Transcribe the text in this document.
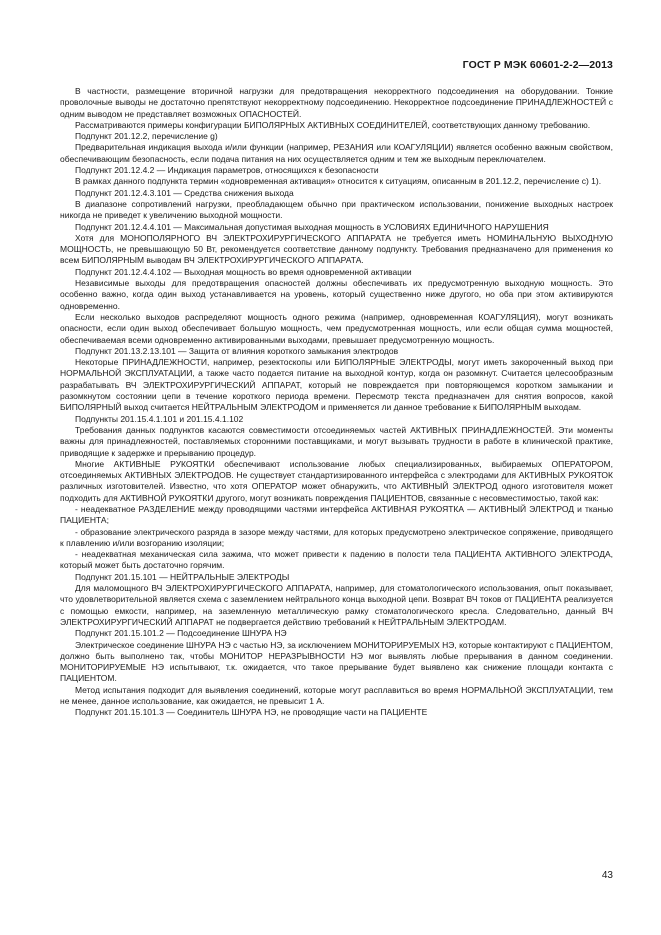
ГОСТ Р МЭК 60601-2-2—2013

В частности, размещение вторичной нагрузки для предотвращения некорректного подсоединения на оборудовании. Тонкие проволочные выводы не достаточно препятствуют некорректному подсоединению. Некорректное подсоединение ПРИНАДЛЕЖНОСТЕЙ с одним выводом не представляет возможных ОПАСНОСТЕЙ.

Рассматриваются примеры конфигурации БИПОЛЯРНЫХ АКТИВНЫХ СОЕДИНИТЕЛЕЙ, соответствующих данному требованию.

Подпункт 201.12.2, перечисление g)

Предварительная индикация выхода и/или функции (например, РЕЗАНИЯ или КОАГУЛЯЦИИ) является особенно важным свойством, обеспечивающим безопасность, если подача питания на них осуществляется одним и тем же выходным переключателем.

Подпункт 201.12.4.2 — Индикация параметров, относящихся к безопасности

В рамках данного подпункта термин «одновременная активация» относится к ситуациям, описанным в 201.12.2, перечисление с) 1).

Подпункт 201.12.4.3.101 — Средства снижения выхода

В диапазоне сопротивлений нагрузки, преобладающем обычно при практическом использовании, понижение выходных настроек никогда не приведет к увеличению выходной мощности.

Подпункт 201.12.4.4.101 — Максимальная допустимая выходная мощность в УСЛОВИЯХ ЕДИНИЧНОГО НАРУШЕНИЯ

Хотя для МОНОПОЛЯРНОГО ВЧ ЭЛЕКТРОХИРУРГИЧЕСКОГО АППАРАТА не требуется иметь НОМИНАЛЬНУЮ ВЫХОДНУЮ МОЩНОСТЬ, не превышающую 50 Вт, рекомендуется соответствие данному подпункту. Требования предназначено для применения ко всем БИПОЛЯРНЫМ выводам ВЧ ЭЛЕКТРОХИРУРГИЧЕСКОГО АППАРАТА.

Подпункт 201.12.4.4.102 — Выходная мощность во время одновременной активации

Независимые выходы для предотвращения опасностей должны обеспечивать их предусмотренную выходную мощность. Это особенно важно, когда один выход устанавливается на уровень, который существенно ниже другого, но оба при этом активируются одновременно.

Если несколько выходов распределяют мощность одного режима (например, одновременная КОАГУЛЯЦИЯ), могут возникать опасности, если один выход обеспечивает большую мощность, чем предусмотренная мощность, или если общая сумма мощностей, обеспечиваемая всеми одновременно активированными выходами, превышает предусмотренную мощность.

Подпункт 201.13.2.13.101 — Защита от влияния короткого замыкания электродов

Некоторые ПРИНАДЛЕЖНОСТИ, например, резектоскопы или БИПОЛЯРНЫЕ ЭЛЕКТРОДЫ, могут иметь закороченный выход при НОРМАЛЬНОЙ ЭКСПЛУАТАЦИИ, а также часто подается питание на выходной контур, когда он разомкнут. Считается целесообразным разрабатывать ВЧ ЭЛЕКТРОХИРУРГИЧЕСКИЙ АППАРАТ, который не повреждается при повторяющемся коротком замыкании и разомкнутом состоянии цепи в течение короткого периода времени. Пересмотр текста предназначен для снятия вопросов, какой БИПОЛЯРНЫЙ выход считается НЕЙТРАЛЬНЫМ ЭЛЕКТРОДОМ и применяется ли данное требование к БИПОЛЯРНЫМ выходам.

Подпункты 201.15.4.1.101 и 201.15.4.1.102

Требования данных подпунктов касаются совместимости отсоединяемых частей АКТИВНЫХ ПРИНАДЛЕЖНОСТЕЙ. Эти моменты важны для принадлежностей, поставляемых сторонними поставщиками, и могут вызывать трудности в работе в клинической практике, приводящие к задержке и прерыванию процедур.

Многие АКТИВНЫЕ РУКОЯТКИ обеспечивают использование любых специализированных, выбираемых ОПЕРАТОРОМ, отсоединяемых АКТИВНЫХ ЭЛЕКТРОДОВ. Не существует стандартизированного интерфейса с электродами для АКТИВНЫХ РУКОЯТОК различных изготовителей. Известно, что хотя ОПЕРАТОР может обнаружить, что АКТИВНЫЙ ЭЛЕКТРОД одного изготовителя может подходить для АКТИВНОЙ РУКОЯТКИ другого, могут возникать повреждения ПАЦИЕНТОВ, связанные с несовместимостью, такой как:

- неадекватное РАЗДЕЛЕНИЕ между проводящими частями интерфейса АКТИВНАЯ РУКОЯТКА — АКТИВНЫЙ ЭЛЕКТРОД и тканью ПАЦИЕНТА;

- образование электрического разряда в зазоре между частями, для которых предусмотрено электрическое сопряжение, приводящего к плавлению и/или возгоранию изоляции;

- неадекватная механическая сила зажима, что может привести к падению в полости тела ПАЦИЕНТА АКТИВНОГО ЭЛЕКТРОДА, который может быть достаточно горячим.

Подпункт 201.15.101 — НЕЙТРАЛЬНЫЕ ЭЛЕКТРОДЫ

Для маломощного ВЧ ЭЛЕКТРОХИРУРГИЧЕСКОГО АППАРАТА, например, для стоматологического использования, опыт показывает, что удовлетворительной является схема с заземлением нейтрального конца выходной цепи. Возврат ВЧ токов от ПАЦИЕНТА реализуется с помощью емкости, например, на заземленную металлическую рамку стоматологического кресла. Следовательно, данный ВЧ ЭЛЕКТРОХИРУРГИЧЕСКИЙ АППАРАТ не подвергается действию требований к НЕЙТРАЛЬНЫМ ЭЛЕКТРОДАМ.

Подпункт 201.15.101.2 — Подсоединение ШНУРА НЭ

Электрическое соединение ШНУРА НЭ с частью НЭ, за исключением МОНИТОРИРУЕМЫХ НЭ, которые контактируют с ПАЦИЕНТОМ, должно быть выполнено так, чтобы МОНИТОР НЕРАЗРЫВНОСТИ НЭ мог выявлять любые прерывания в данном соединении. МОНИТОРИРУЕМЫЕ НЭ испытывают, т.к. ожидается, что такое прерывание будет выявлено как снижение площади контакта с ПАЦИЕНТОМ.

Метод испытания подходит для выявления соединений, которые могут расплавиться во время НОРМАЛЬНОЙ ЭКСПЛУАТАЦИИ, тем не менее, данное использование, как ожидается, не превысит 1 А.

Подпункт 201.15.101.3 — Соединитель ШНУРА НЭ, не проводящие части на ПАЦИЕНТЕ

43
